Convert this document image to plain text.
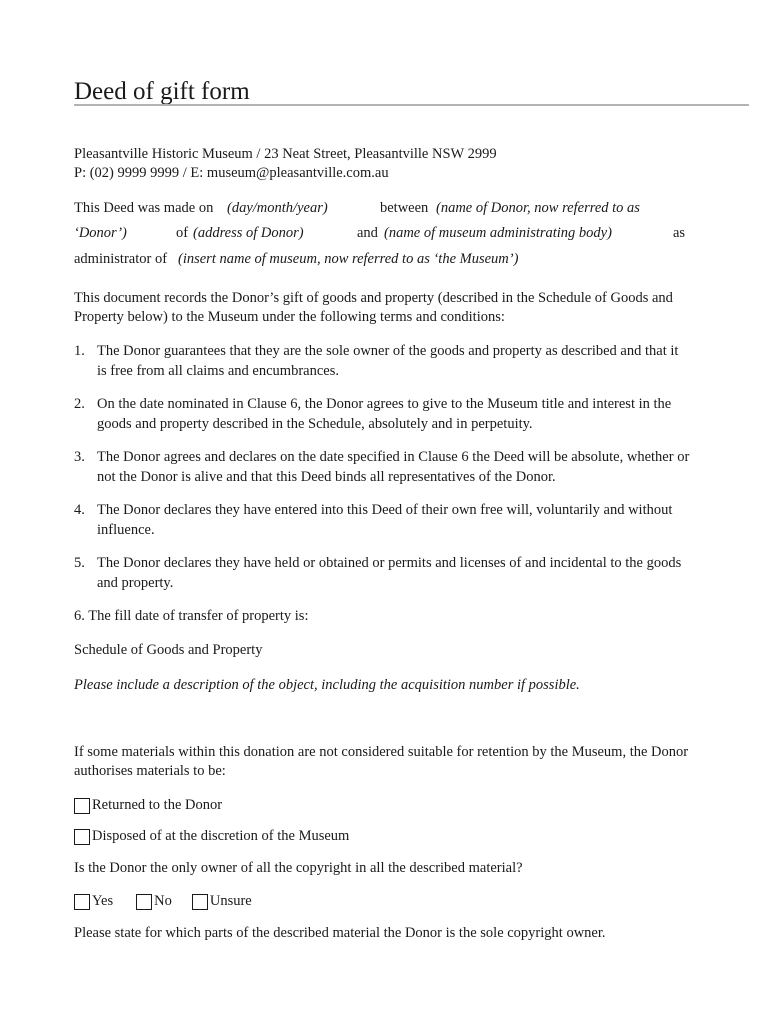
Deed of gift form
Pleasantville Historic Museum / 23 Neat Street, Pleasantville NSW 2999
P: (02) 9999 9999 / E: museum@pleasantville.com.au
This Deed was made on (day/month/year)	between (name of Donor, now referred to as
‘Donor’)	of (address of Donor)	and (name of museum administrating body)	as
administrator of (insert name of museum, now referred to as ‘the Museum’)
This document records the Donor’s gift of goods and property (described in the Schedule of Goods and Property below) to the Museum under the following terms and conditions:
1. The Donor guarantees that they are the sole owner of the goods and property as described and that it is free from all claims and encumbrances.
2. On the date nominated in Clause 6, the Donor agrees to give to the Museum title and interest in the goods and property described in the Schedule, absolutely and in perpetuity.
3. The Donor agrees and declares on the date specified in Clause 6 the Deed will be absolute, whether or not the Donor is alive and that this Deed binds all representatives of the Donor.
4. The Donor declares they have entered into this Deed of their own free will, voluntarily and without influence.
5. The Donor declares they have held or obtained or permits and licenses of and incidental to the goods and property.
6. The fill date of transfer of property is:
Schedule of Goods and Property
Please include a description of the object, including the acquisition number if possible.
If some materials within this donation are not considered suitable for retention by the Museum, the Donor authorises materials to be:
Returned to the Donor
Disposed of at the discretion of the Museum
Is the Donor the only owner of all the copyright in all the described material?
Yes	No	Unsure
Please state for which parts of the described material the Donor is the sole copyright owner.
